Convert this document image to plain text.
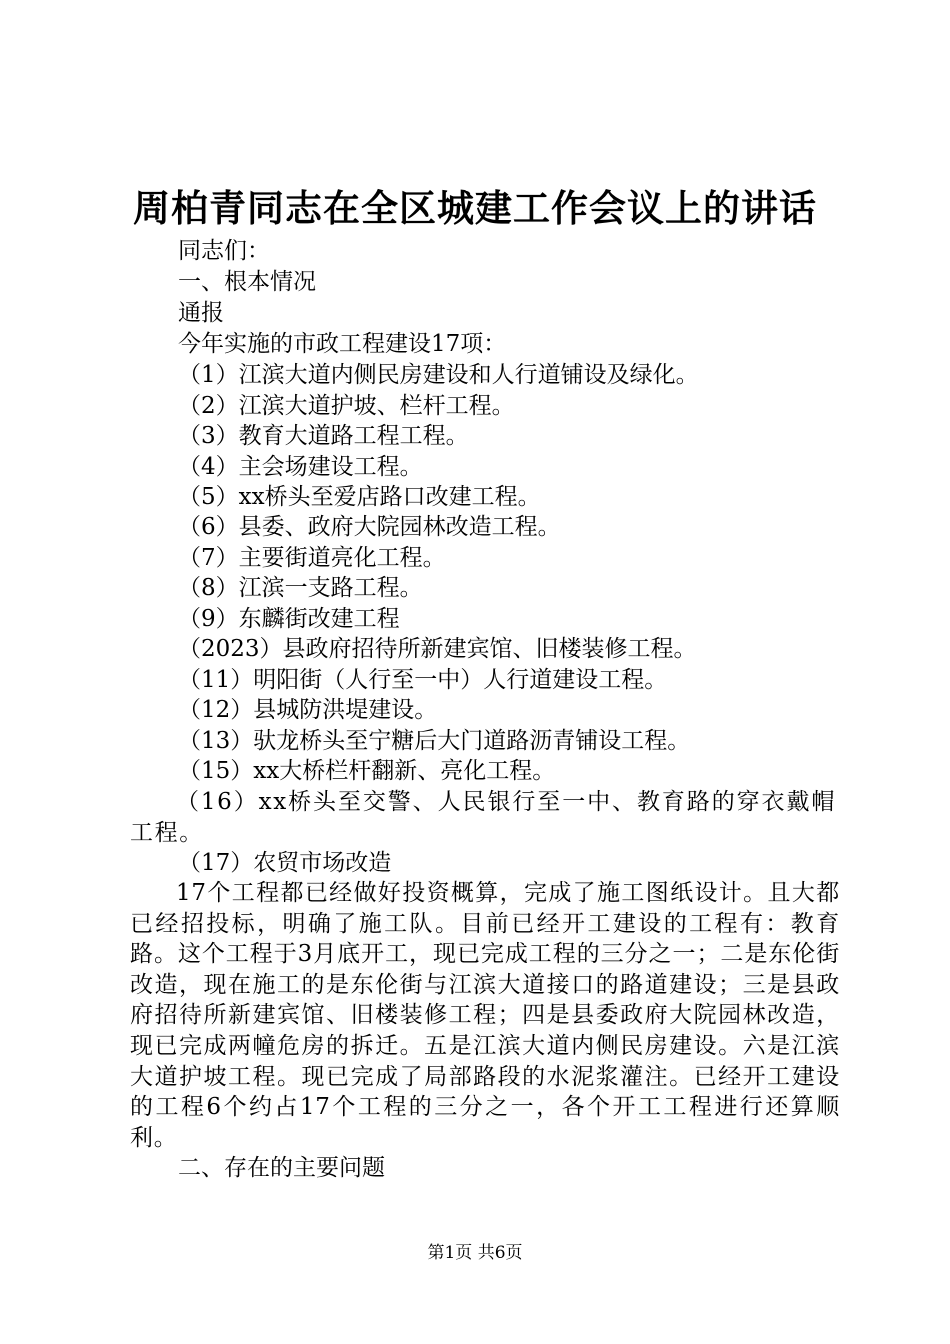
周柏青同志在全区城建工作会议上的讲话
同志们：
一、根本情况
通报
今年实施的市政工程建设17项：
（1）江滨大道内侧民房建设和人行道铺设及绿化。
（2）江滨大道护坡、栏杆工程。
（3）教育大道路工程工程。
（4）主会场建设工程。
（5）xx桥头至爱店路口改建工程。
（6）县委、政府大院园林改造工程。
（7）主要街道亮化工程。
（8）江滨一支路工程。
（9）东麟街改建工程
（2023）县政府招待所新建宾馆、旧楼装修工程。
（11）明阳街（人行至一中）人行道建设工程。
（12）县城防洪堤建设。
（13）驮龙桥头至宁糖后大门道路沥青铺设工程。
（15）xx大桥栏杆翻新、亮化工程。
（16）xx桥头至交警、人民银行至一中、教育路的穿衣戴帽工程。
（17）农贸市场改造
17个工程都已经做好投资概算，完成了施工图纸设计。且大都已经招投标，明确了施工队。目前已经开工建设的工程有：教育路。这个工程于3月底开工，现已完成工程的三分之一；二是东伦街改造，现在施工的是东伦街与江滨大道接口的路道建设；三是县政府招待所新建宾馆、旧楼装修工程；四是县委政府大院园林改造，现已完成两幢危房的拆迁。五是江滨大道内侧民房建设。六是江滨大道护坡工程。现已完成了局部路段的水泥浆灌注。已经开工建设的工程6个约占17个工程的三分之一，各个开工工程进行还算顺利。
二、存在的主要问题
第1页 共6页
